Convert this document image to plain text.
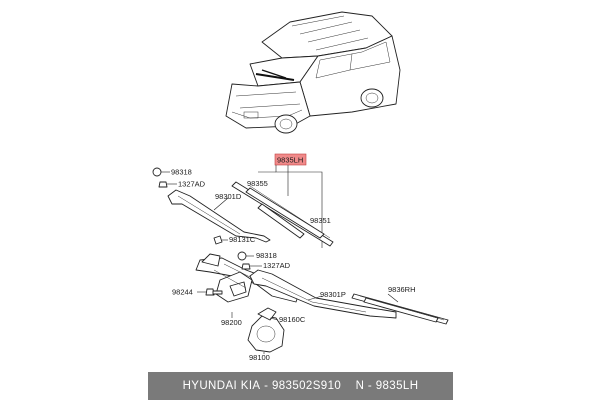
9835LH
98355
98351
98318
1327AD
98301D
98131C
98318
1327AD
98301P
9836RH
98244
98160C
98200
98100
HYUNDAI
KIA
-
983502S910
N -
9835LH
